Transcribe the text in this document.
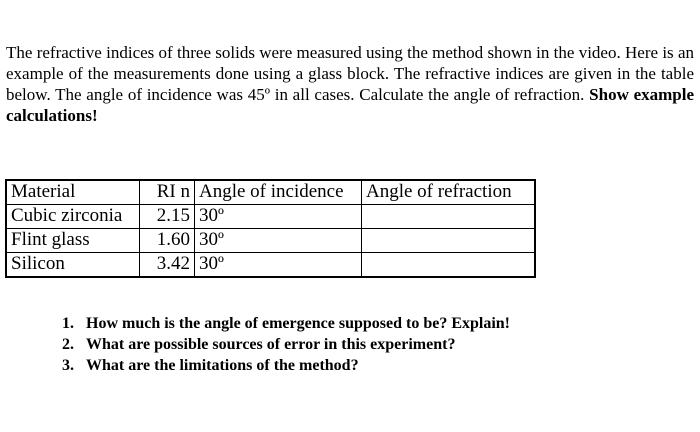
The refractive indices of three solids were measured using the method shown in the video. Here is an example of the measurements done using a glass block. The refractive indices are given in the table below. The angle of incidence was 45º in all cases. Calculate the angle of refraction. Show example calculations!
Material	RI n	Angle of incidence	Angle of refraction
Cubic zirconia	2.15	30º	
Flint glass	1.60	30º	
Silicon	3.42	30º	
1. How much is the angle of emergence supposed to be? Explain!
2. What are possible sources of error in this experiment?
3. What are the limitations of the method?
